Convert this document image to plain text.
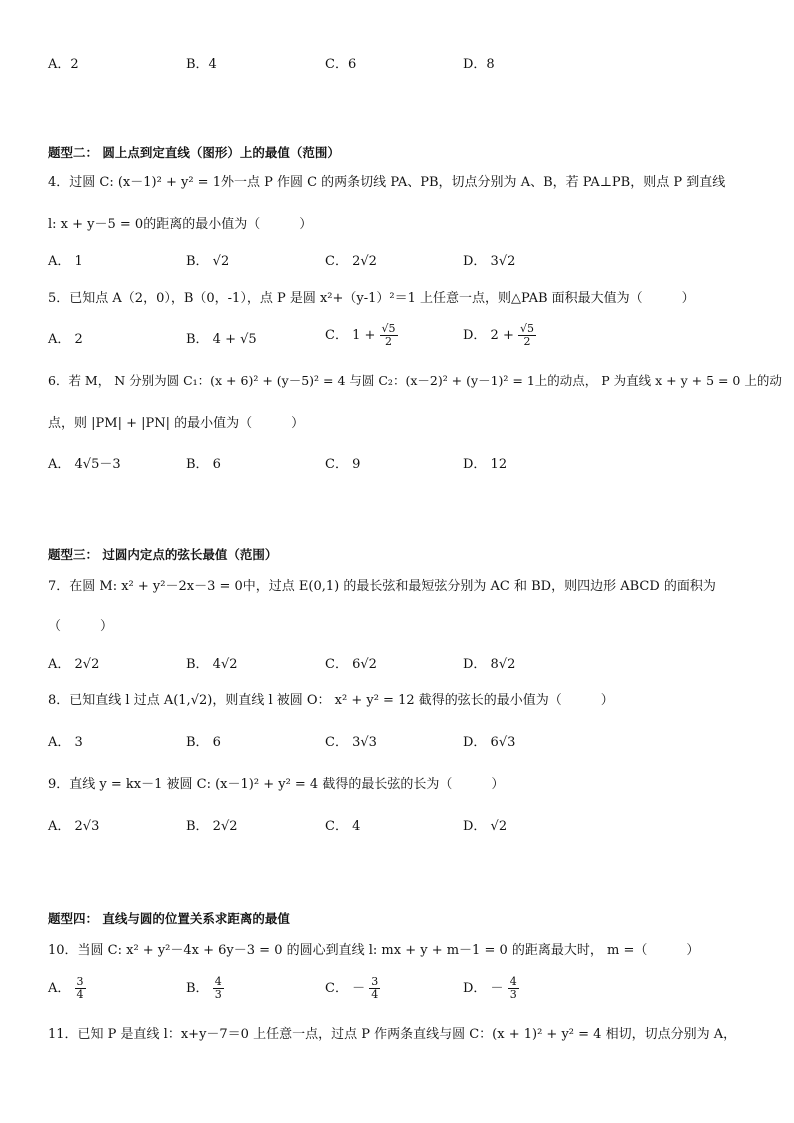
A．2	B．4	C．6	D．8
题型二： 圆上点到定直线（图形）上的最值（范围）
4．过圆 C: (x－1)² + y² = 1外一点 P 作圆 C 的两条切线 PA、PB，切点分别为 A、B，若 PA⊥PB，则点 P 到直线
l: x + y－5 = 0的距离的最小值为（　　　）
A． 1	B． √2	C． 2√2	D． 3√2
5．已知点 A（2，0），B（0，-1），点 P 是圆 x²+（y-1）²＝1 上任意一点，则△PAB 面积最大值为（　　　）
A． 2	B． 4 + √5	C． $1 + \frac{√5}{2}$	D． $2 + \frac{√5}{2}$
6．若 M， N 分别为圆 C₁：(x + 6)² + (y－5)² = 4 与圆 C₂：(x－2)² + (y－1)² = 1上的动点， P 为直线 x + y + 5 = 0 上的动
点，则 |PM| + |PN| 的最小值为（　　　）
A． 4√5－3	B． 6	C． 9	D． 12
题型三： 过圆内定点的弦长最值（范围）
7．在圆 M: x² + y²－2x－3 = 0中，过点 E(0,1) 的最长弦和最短弦分别为 AC 和 BD，则四边形 ABCD 的面积为
（　　　）
A． 2√2	B． 4√2	C． 6√2	D． 8√2
8．已知直线 l 过点 A(1,√2)，则直线 l 被圆 O： x² + y² = 12 截得的弦长的最小值为（　　　）
A． 3	B． 6	C． 3√3	D． 6√3
9．直线 y = kx－1 被圆 C: (x－1)² + y² = 4 截得的最长弦的长为（　　　）
A． 2√3	B． 2√2	C． 4	D． √2
题型四： 直线与圆的位置关系求距离的最值
10．当圆 C: x² + y²－4x + 6y－3 = 0 的圆心到直线 l: mx + y + m－1 = 0 的距离最大时， m =（　　　）
A． $\frac{3}{4}$	B． $\frac{4}{3}$	C． － $\frac{3}{4}$	D． － $\frac{4}{3}$
11．已知 P 是直线 l：x+y－7＝0 上任意一点，过点 P 作两条直线与圆 C：(x + 1)² + y² = 4 相切，切点分别为 A，
